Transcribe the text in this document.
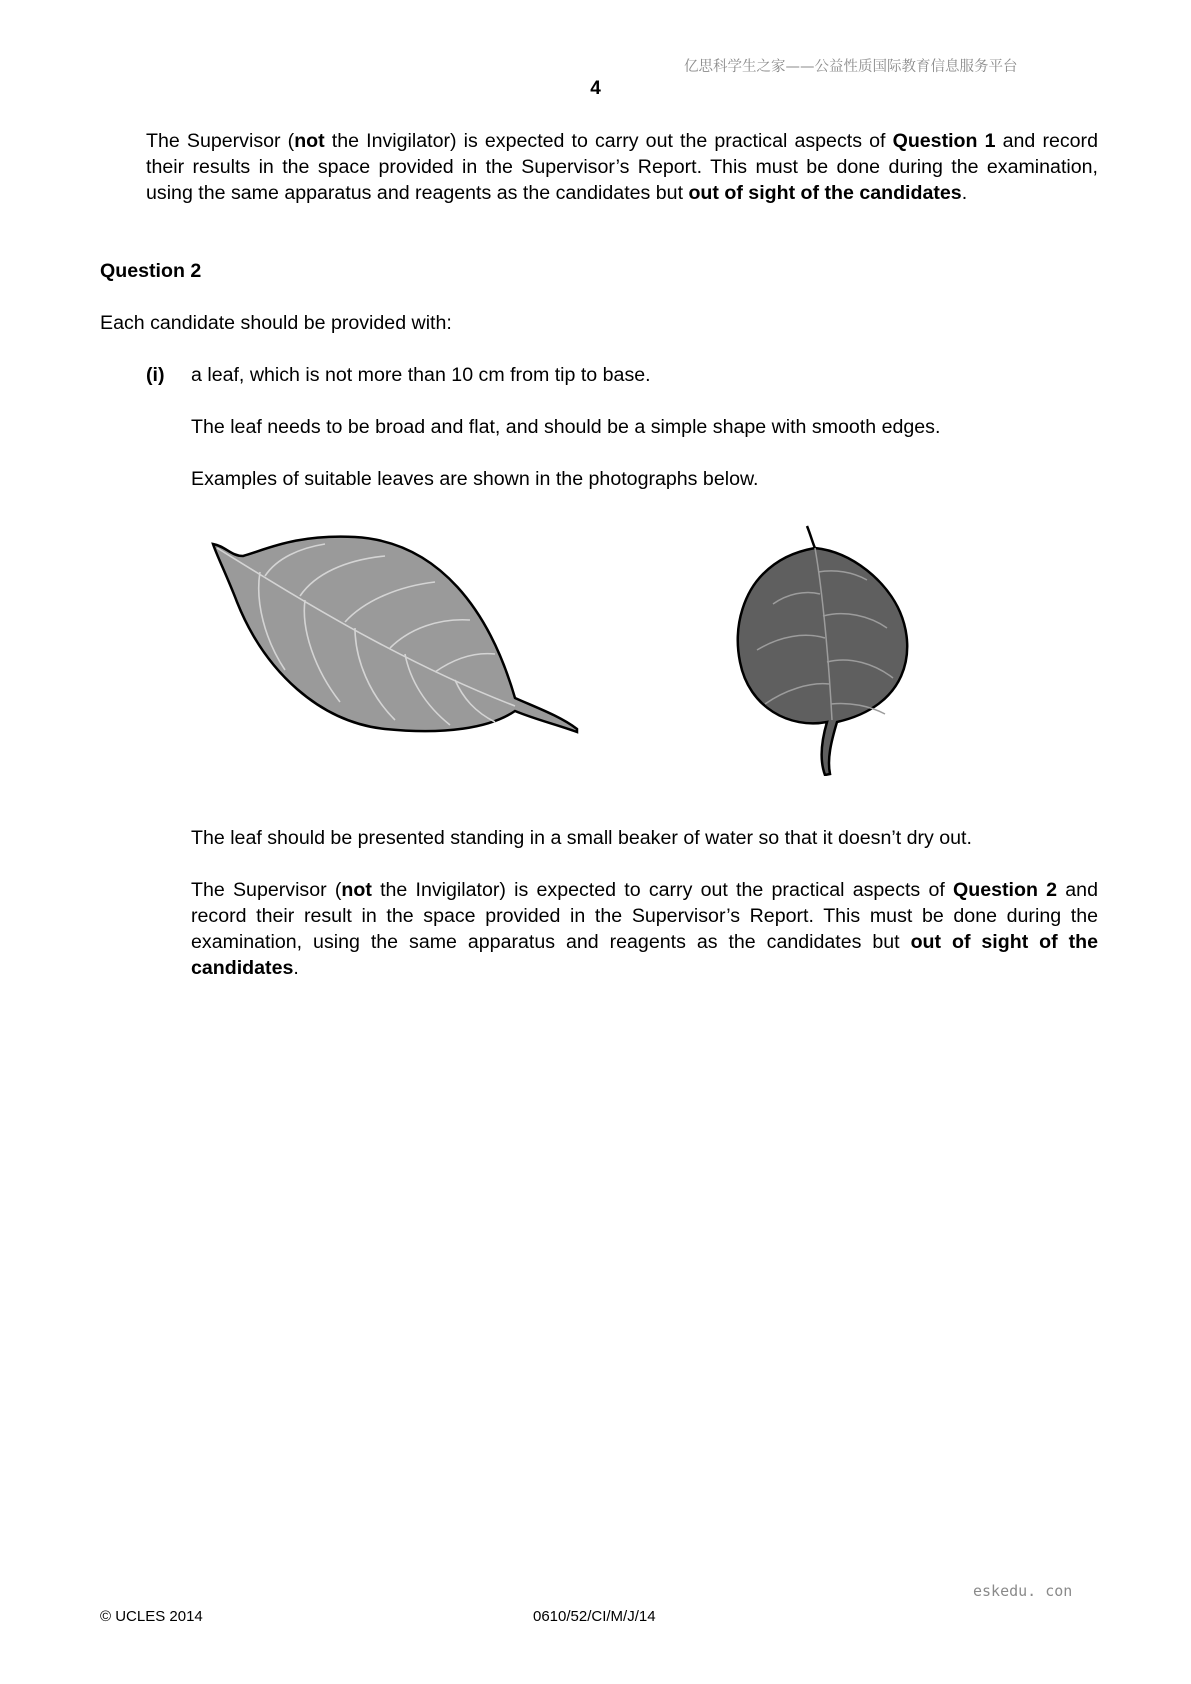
亿思科学生之家——公益性质国际教育信息服务平台
4
The Supervisor (not the Invigilator) is expected to carry out the practical aspects of Question 1 and record their results in the space provided in the Supervisor’s Report. This must be done during the examination, using the same apparatus and reagents as the candidates but out of sight of the candidates.
Question 2
Each candidate should be provided with:
(i) a leaf, which is not more than 10 cm from tip to base.
The leaf needs to be broad and flat, and should be a simple shape with smooth edges.
Examples of suitable leaves are shown in the photographs below.
The leaf should be presented standing in a small beaker of water so that it doesn’t dry out.
The Supervisor (not the Invigilator) is expected to carry out the practical aspects of Question 2 and record their result in the space provided in the Supervisor’s Report. This must be done during the examination, using the same apparatus and reagents as the candidates but out of sight of the candidates.
eskedu. con
© UCLES 2014	0610/52/CI/M/J/14
